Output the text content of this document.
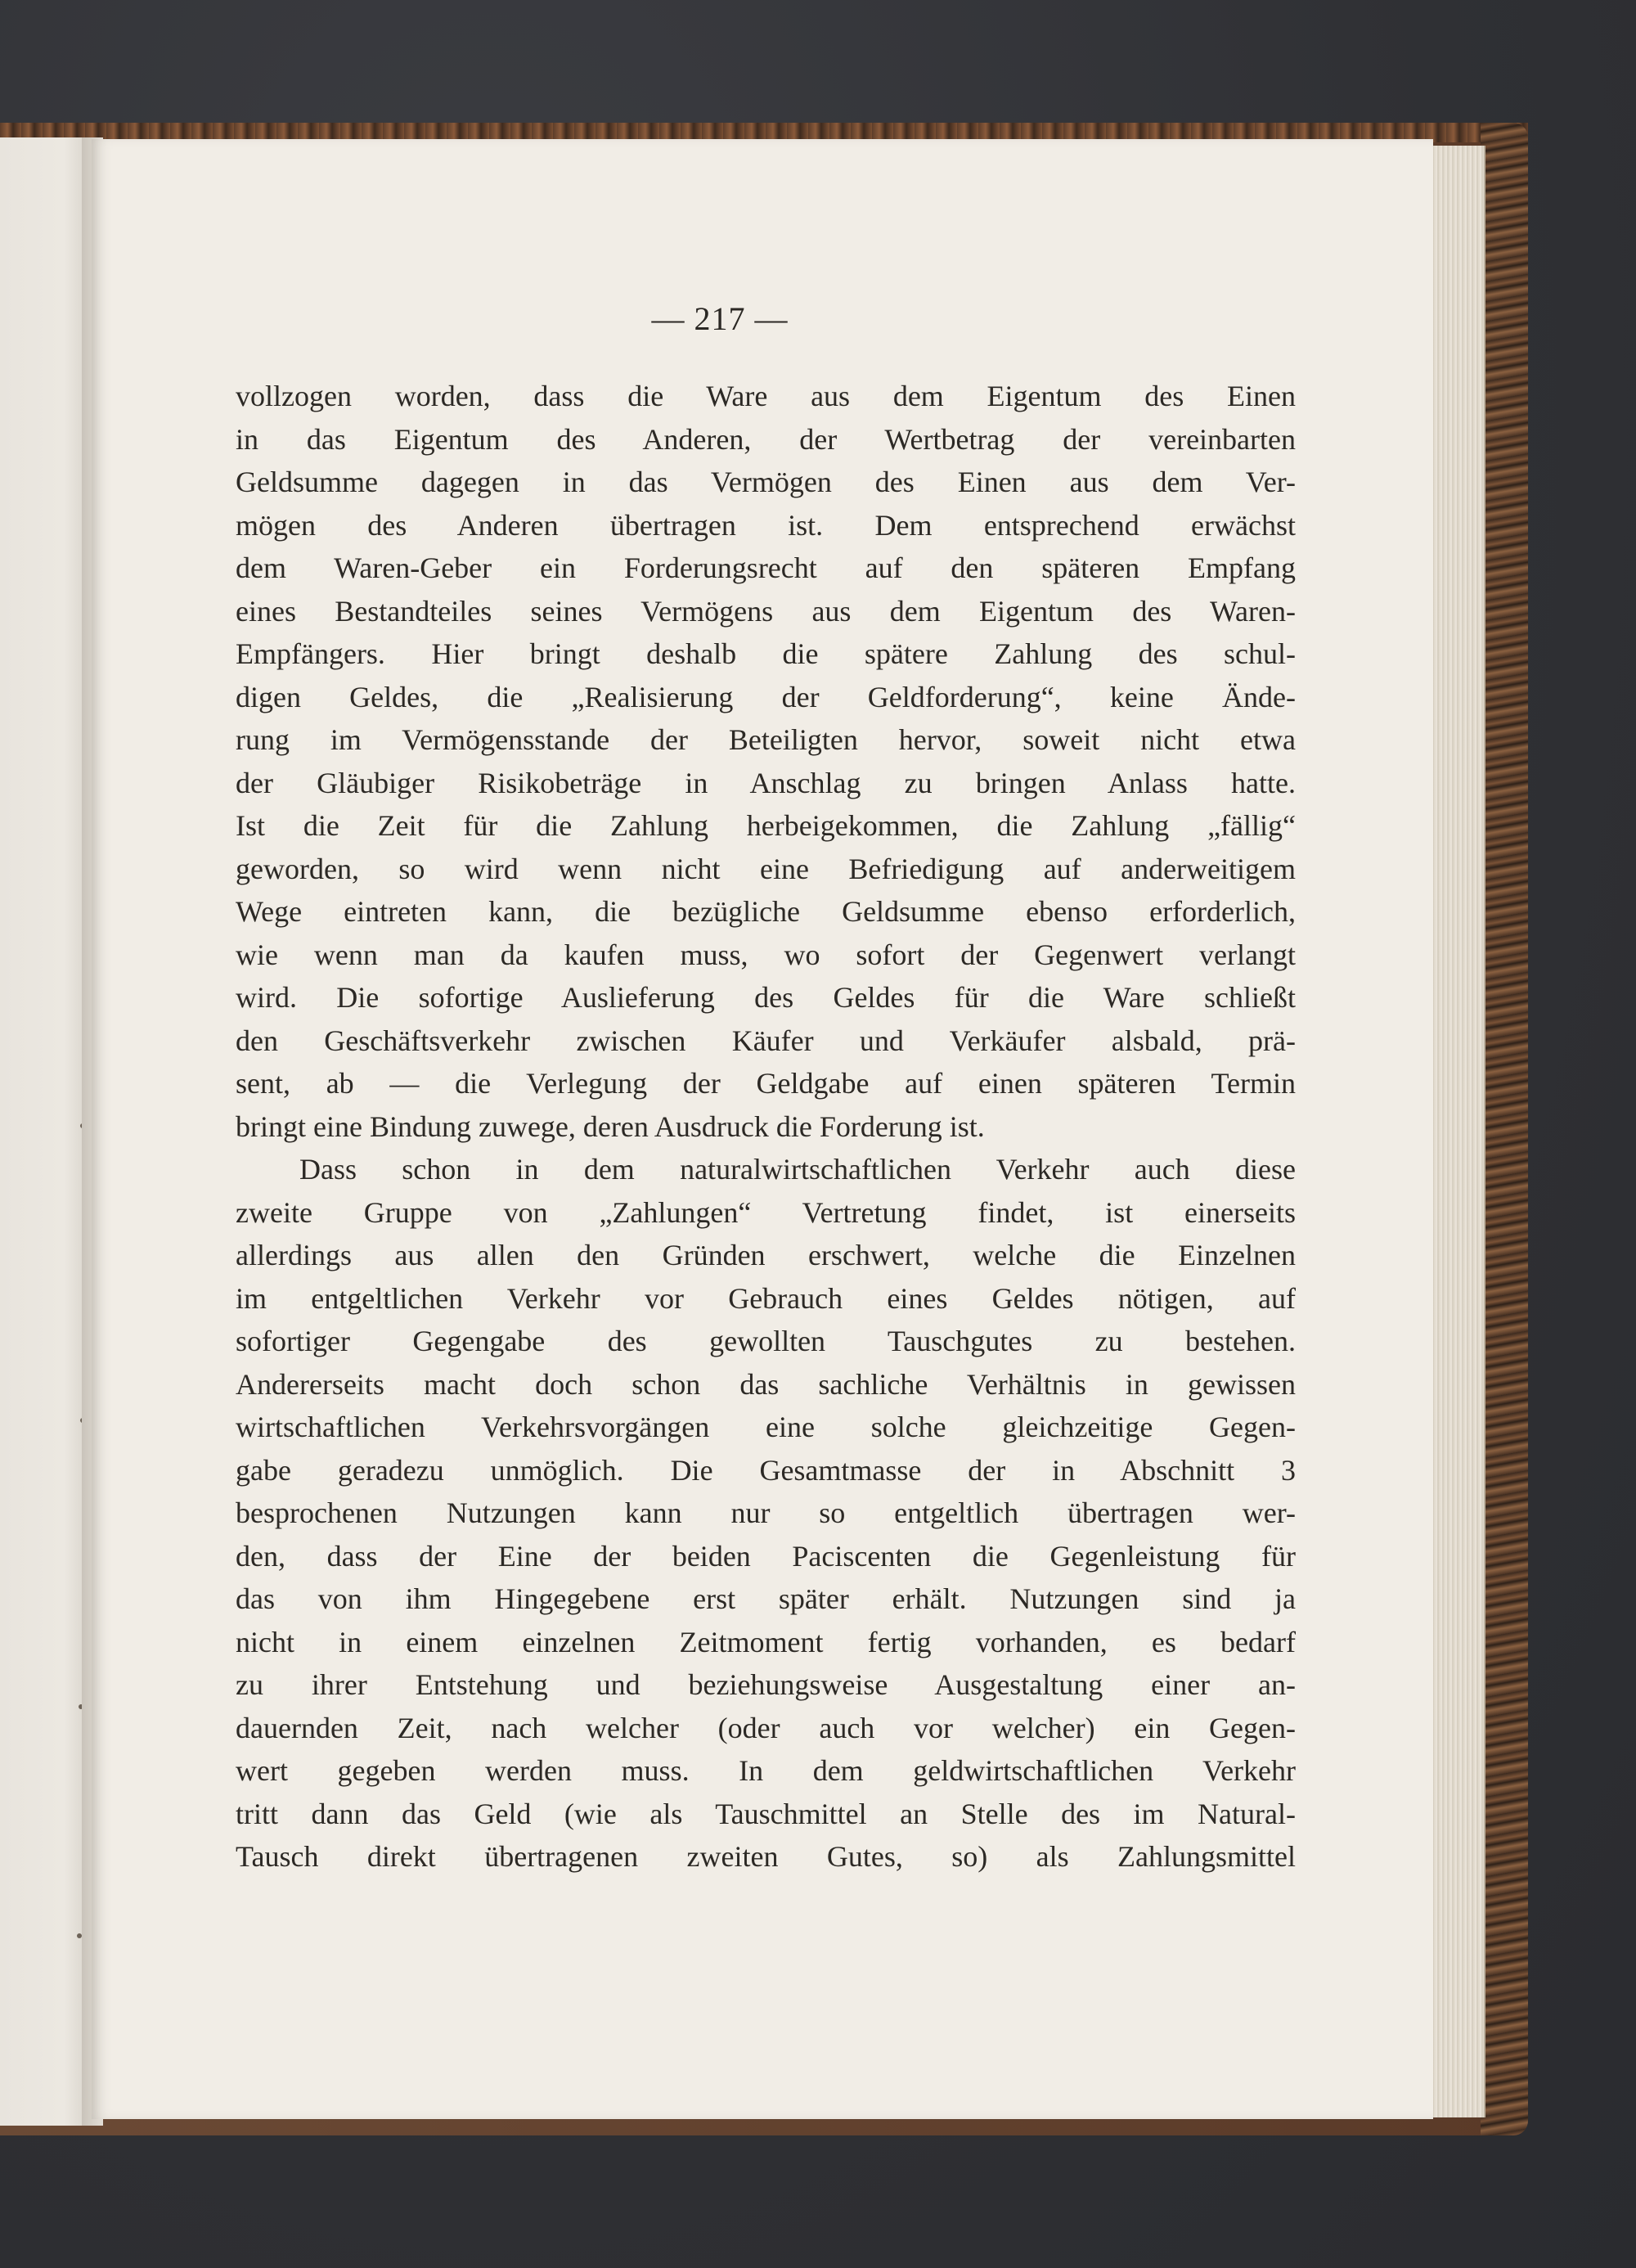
— 217 —
vollzogen worden, dass die Ware aus dem Eigentum des Einen
in das Eigentum des Anderen, der Wertbetrag der vereinbarten
Geldsumme dagegen in das Vermögen des Einen aus dem Ver-
mögen des Anderen übertragen ist. Dem entsprechend erwächst
dem Waren-Geber ein Forderungsrecht auf den späteren Empfang
eines Bestandteiles seines Vermögens aus dem Eigentum des Waren-
Empfängers. Hier bringt deshalb die spätere Zahlung des schul-
digen Geldes, die „Realisierung der Geldforderung“, keine Ände-
rung im Vermögensstande der Beteiligten hervor, soweit nicht etwa
der Gläubiger Risikobeträge in Anschlag zu bringen Anlass hatte.
Ist die Zeit für die Zahlung herbeigekommen, die Zahlung „fällig“
geworden, so wird wenn nicht eine Befriedigung auf anderweitigem
Wege eintreten kann, die bezügliche Geldsumme ebenso erforderlich,
wie wenn man da kaufen muss, wo sofort der Gegenwert verlangt
wird. Die sofortige Auslieferung des Geldes für die Ware schließt
den Geschäftsverkehr zwischen Käufer und Verkäufer alsbald, prä-
sent, ab — die Verlegung der Geldgabe auf einen späteren Termin
bringt eine Bindung zuwege, deren Ausdruck die Forderung ist.
Dass schon in dem naturalwirtschaftlichen Verkehr auch diese
zweite Gruppe von „Zahlungen“ Vertretung findet, ist einerseits
allerdings aus allen den Gründen erschwert, welche die Einzelnen
im entgeltlichen Verkehr vor Gebrauch eines Geldes nötigen, auf
sofortiger Gegengabe des gewollten Tauschgutes zu bestehen.
Andererseits macht doch schon das sachliche Verhältnis in gewissen
wirtschaftlichen Verkehrsvorgängen eine solche gleichzeitige Gegen-
gabe geradezu unmöglich. Die Gesamtmasse der in Abschnitt 3
besprochenen Nutzungen kann nur so entgeltlich übertragen wer-
den, dass der Eine der beiden Paciscenten die Gegenleistung für
das von ihm Hingegebene erst später erhält. Nutzungen sind ja
nicht in einem einzelnen Zeitmoment fertig vorhanden, es bedarf
zu ihrer Entstehung und beziehungsweise Ausgestaltung einer an-
dauernden Zeit, nach welcher (oder auch vor welcher) ein Gegen-
wert gegeben werden muss. In dem geldwirtschaftlichen Verkehr
tritt dann das Geld (wie als Tauschmittel an Stelle des im Natural-
Tausch direkt übertragenen zweiten Gutes, so) als Zahlungsmittel
